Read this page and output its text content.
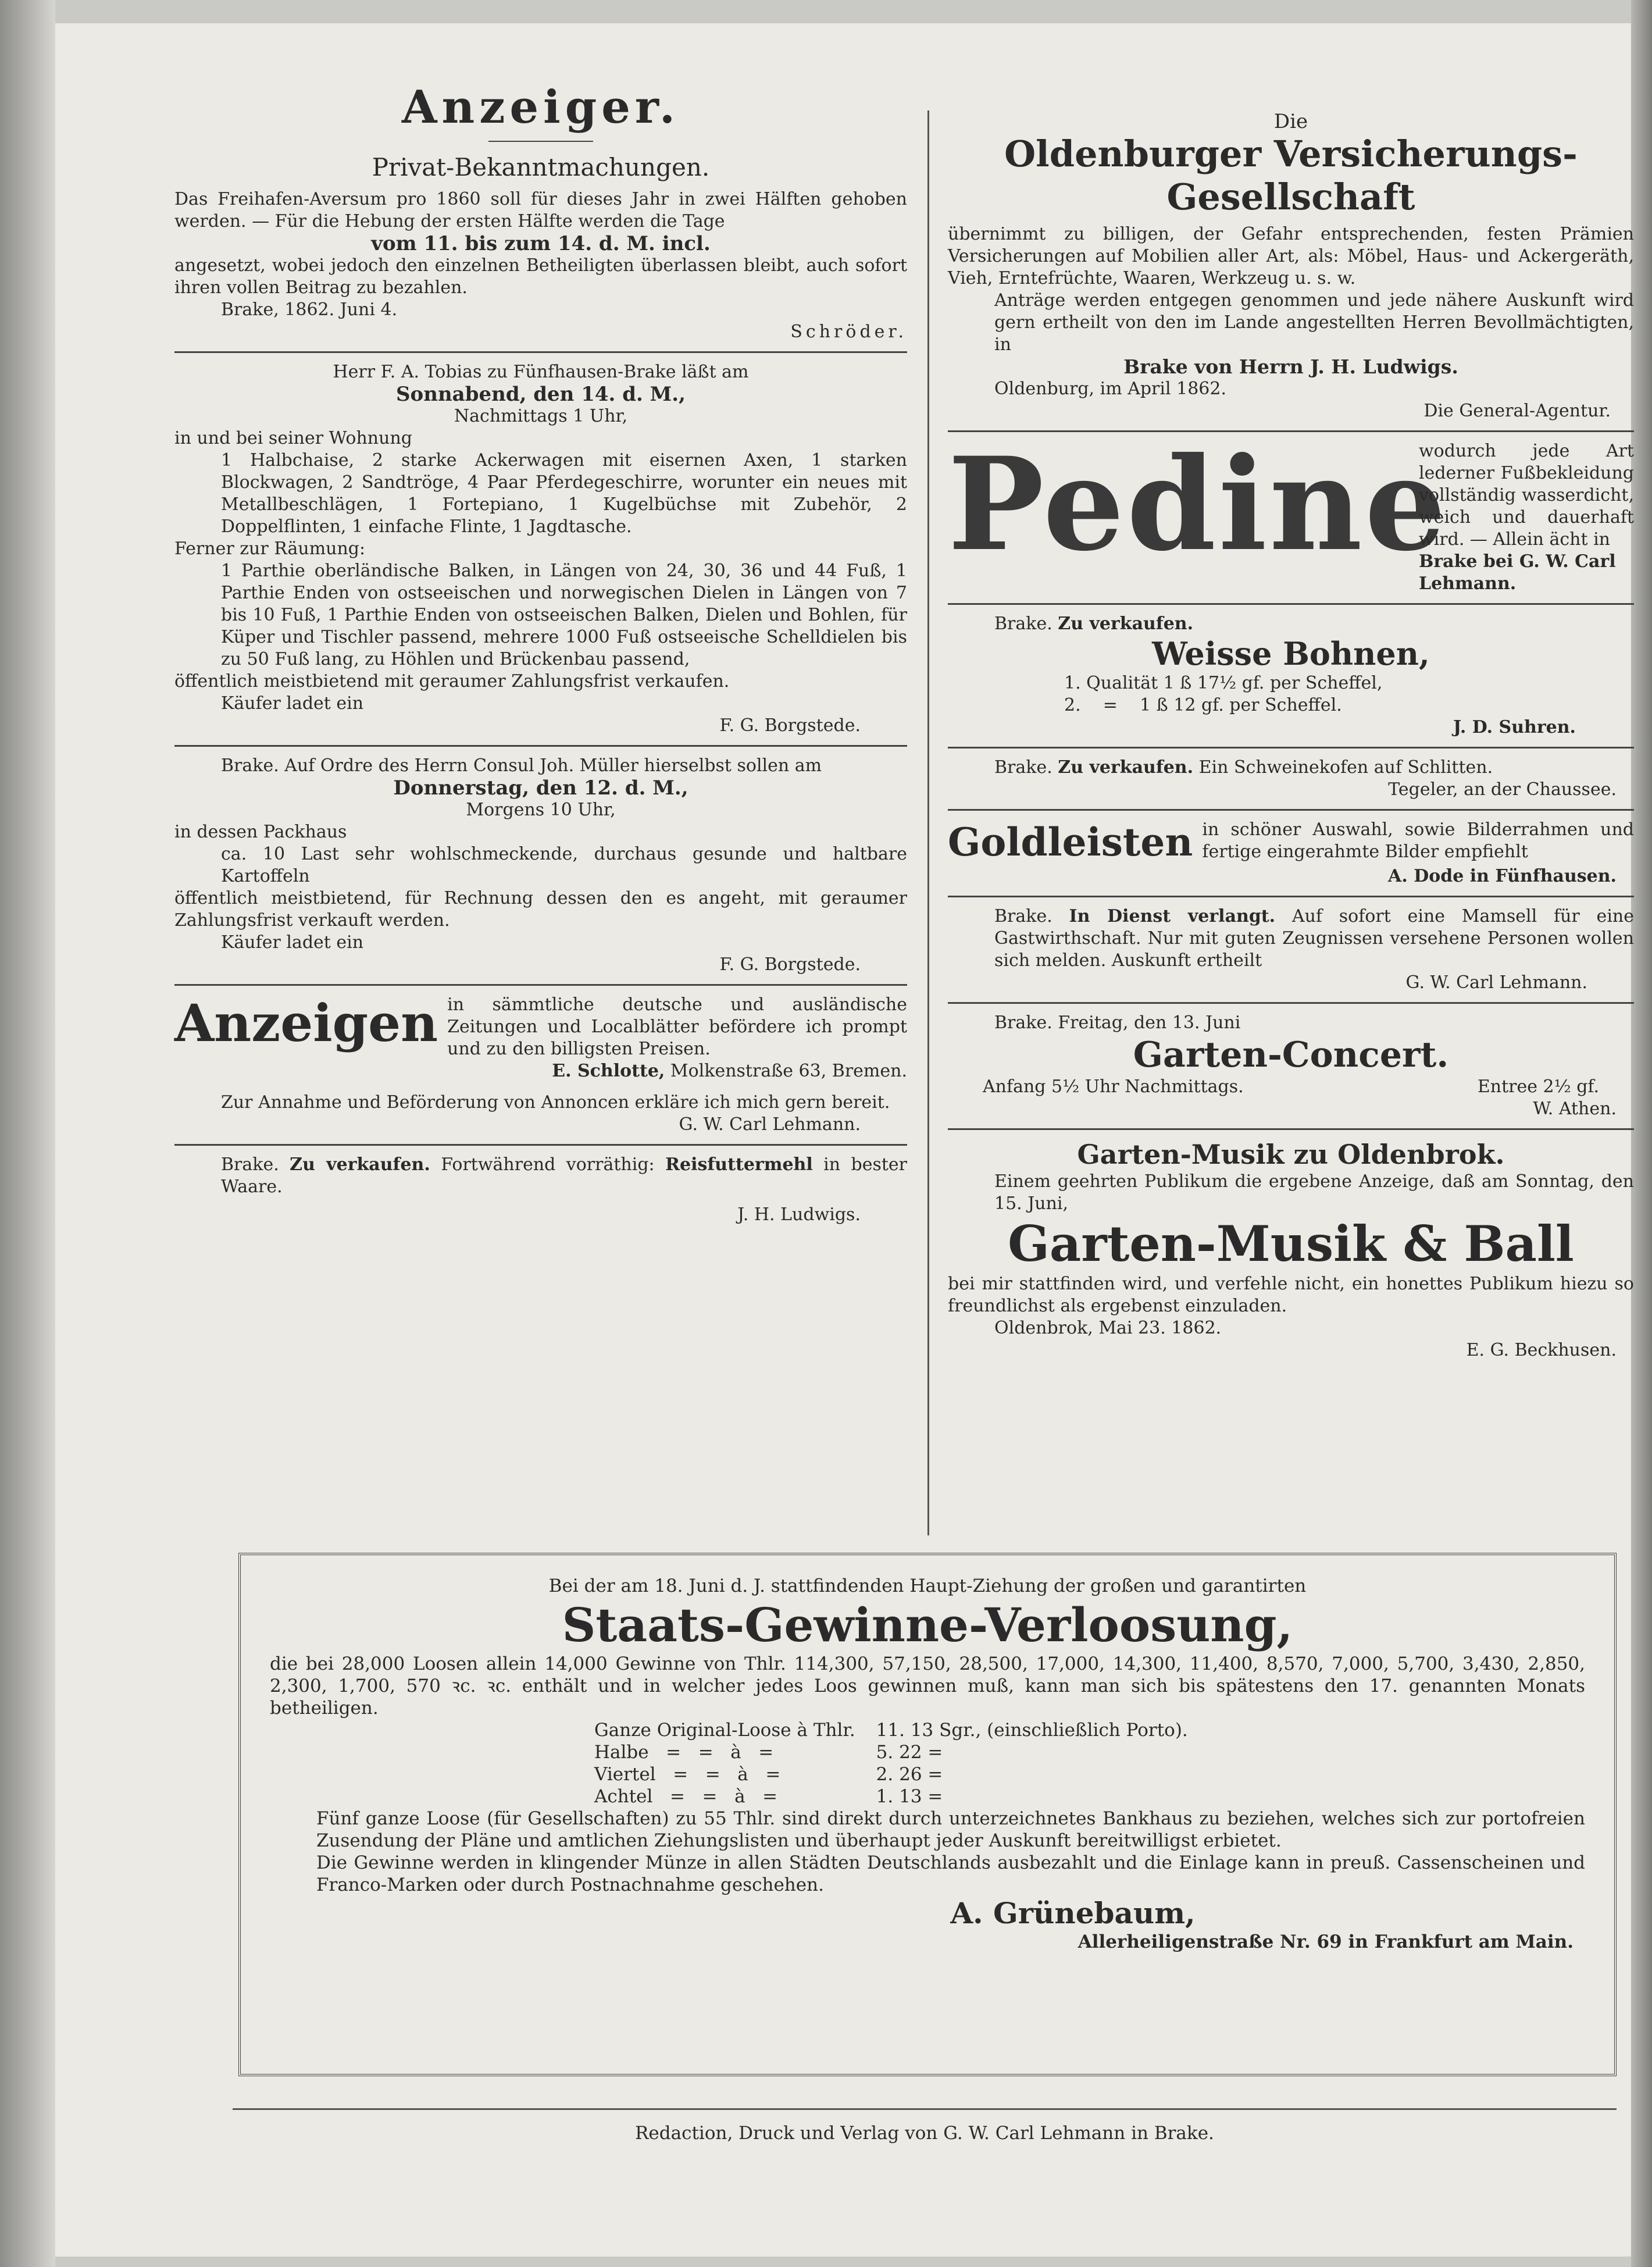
Anzeiger.
Privat-Bekanntmachungen.
Das Freihafen-Aversum pro 1860 soll für dieses Jahr in zwei Hälften gehoben werden. — Für die Hebung der ersten Hälfte werden die Tage
vom 11. bis zum 14. d. M. incl.
angesetzt, wobei jedoch den einzelnen Betheiligten überlassen bleibt, auch sofort ihren vollen Beitrag zu bezahlen.
Brake, 1862. Juni 4.
Schröder.
Herr F. A. Tobias zu Fünfhausen-Brake läßt am
Sonnabend, den 14. d. M.,
Nachmittags 1 Uhr,
in und bei seiner Wohnung
1 Halbchaise, 2 starke Ackerwagen mit eisernen Axen, 1 starken Blockwagen, 2 Sandtröge, 4 Paar Pferdegeschirre, worunter ein neues mit Metallbeschlägen, 1 Fortepiano, 1 Kugelbüchse mit Zubehör, 2 Doppelflinten, 1 einfache Flinte, 1 Jagdtasche.
Ferner zur Räumung:
1 Parthie oberländische Balken, in Längen von 24, 30, 36 und 44 Fuß, 1 Parthie Enden von ostseeischen und norwegischen Dielen in Längen von 7 bis 10 Fuß, 1 Parthie Enden von ostseeischen Balken, Dielen und Bohlen, für Küper und Tischler passend, mehrere 1000 Fuß ostseeische Schelldielen bis zu 50 Fuß lang, zu Höhlen und Brückenbau passend,
öffentlich meistbietend mit geraumer Zahlungsfrist verkaufen.
Käufer ladet ein
F. G. Borgstede.
Brake. Auf Ordre des Herrn Consul Joh. Müller hierselbst sollen am
Donnerstag, den 12. d. M.,
Morgens 10 Uhr,
in dessen Packhaus
ca. 10 Last sehr wohlschmeckende, durchaus gesunde und haltbare Kartoffeln
öffentlich meistbietend, für Rechnung dessen den es angeht, mit geraumer Zahlungsfrist verkauft werden.
Käufer ladet ein
F. G. Borgstede.
Anzeigen in sämmtliche deutsche und ausländische Zeitungen und Localblätter befördere ich prompt und zu den billigsten Preisen.
E. Schlotte, Molkenstraße 63, Bremen.
Zur Annahme und Beförderung von Annoncen erkläre ich mich gern bereit.
G. W. Carl Lehmann.
Brake. Zu verkaufen. Fortwährend vorräthig: Reisfuttermehl in bester Waare.
J. H. Ludwigs.
Die
Oldenburger Versicherungs-
Gesellschaft
übernimmt zu billigen, der Gefahr entsprechenden, festen Prämien Versicherungen auf Mobilien aller Art, als: Möbel, Haus- und Ackergeräth, Vieh, Erntefrüchte, Waaren, Werkzeug u. s. w.
Anträge werden entgegen genommen und jede nähere Auskunft wird gern ertheilt von den im Lande angestellten Herren Bevollmächtigten, in
Brake von Herrn J. H. Ludwigs.
Oldenburg, im April 1862.
Die General-Agentur.
Pedine
wodurch jede Art lederner Fußbekleidung vollständig wasserdicht, weich und dauerhaft wird. — Allein ächt in
Brake bei G. W. Carl Lehmann.
Brake. Zu verkaufen.
Weisse Bohnen,
1. Qualität 1 ß 17½ gf. per Scheffel,
2.    =    1 ß 12 gf. per Scheffel.
J. D. Suhren.
Brake. Zu verkaufen. Ein Schweinekofen auf Schlitten.
Tegeler, an der Chaussee.
Goldleisten in schöner Auswahl, sowie Bilderrahmen und fertige eingerahmte Bilder empfiehlt
A. Dode in Fünfhausen.
Brake. In Dienst verlangt. Auf sofort eine Mamsell für eine Gastwirthschaft. Nur mit guten Zeugnissen versehene Personen wollen sich melden. Auskunft ertheilt
G. W. Carl Lehmann.
Brake. Freitag, den 13. Juni
Garten-Concert.
Anfang 5½ Uhr Nachmittags.	Entree 2½ gf.
W. Athen.
Garten-Musik zu Oldenbrok.
Einem geehrten Publikum die ergebene Anzeige, daß am Sonntag, den 15. Juni,
Garten-Musik & Ball
bei mir stattfinden wird, und verfehle nicht, ein honettes Publikum hiezu so freundlichst als ergebenst einzuladen.
Oldenbrok, Mai 23. 1862.
E. G. Beckhusen.
Bei der am 18. Juni d. J. stattfindenden Haupt-Ziehung der großen und garantirten
Staats-Gewinne-Verloosung,
die bei 28,000 Loosen allein 14,000 Gewinne von Thlr. 114,300, 57,150, 28,500, 17,000, 14,300, 11,400, 8,570, 7,000, 5,700, 3,430, 2,850, 2,300, 1,700, 570 ꝛc. ꝛc. enthält und in welcher jedes Loos gewinnen muß, kann man sich bis spätestens den 17. genannten Monats betheiligen.
Ganze Original-Loose à Thlr.	11. 13 Sgr., (einschließlich Porto).
Halbe   =   =   à   =	5. 22 =
Viertel   =   =   à   =	2. 26 =
Achtel   =   =   à   =	1. 13 =
Fünf ganze Loose (für Gesellschaften) zu 55 Thlr. sind direkt durch unterzeichnetes Bankhaus zu beziehen, welches sich zur portofreien Zusendung der Pläne und amtlichen Ziehungslisten und überhaupt jeder Auskunft bereitwilligst erbietet.
Die Gewinne werden in klingender Münze in allen Städten Deutschlands ausbezahlt und die Einlage kann in preuß. Cassenscheinen und Franco-Marken oder durch Postnachnahme geschehen.
A. Grünebaum,
Allerheiligenstraße Nr. 69 in Frankfurt am Main.
Redaction, Druck und Verlag von G. W. Carl Lehmann in Brake.
